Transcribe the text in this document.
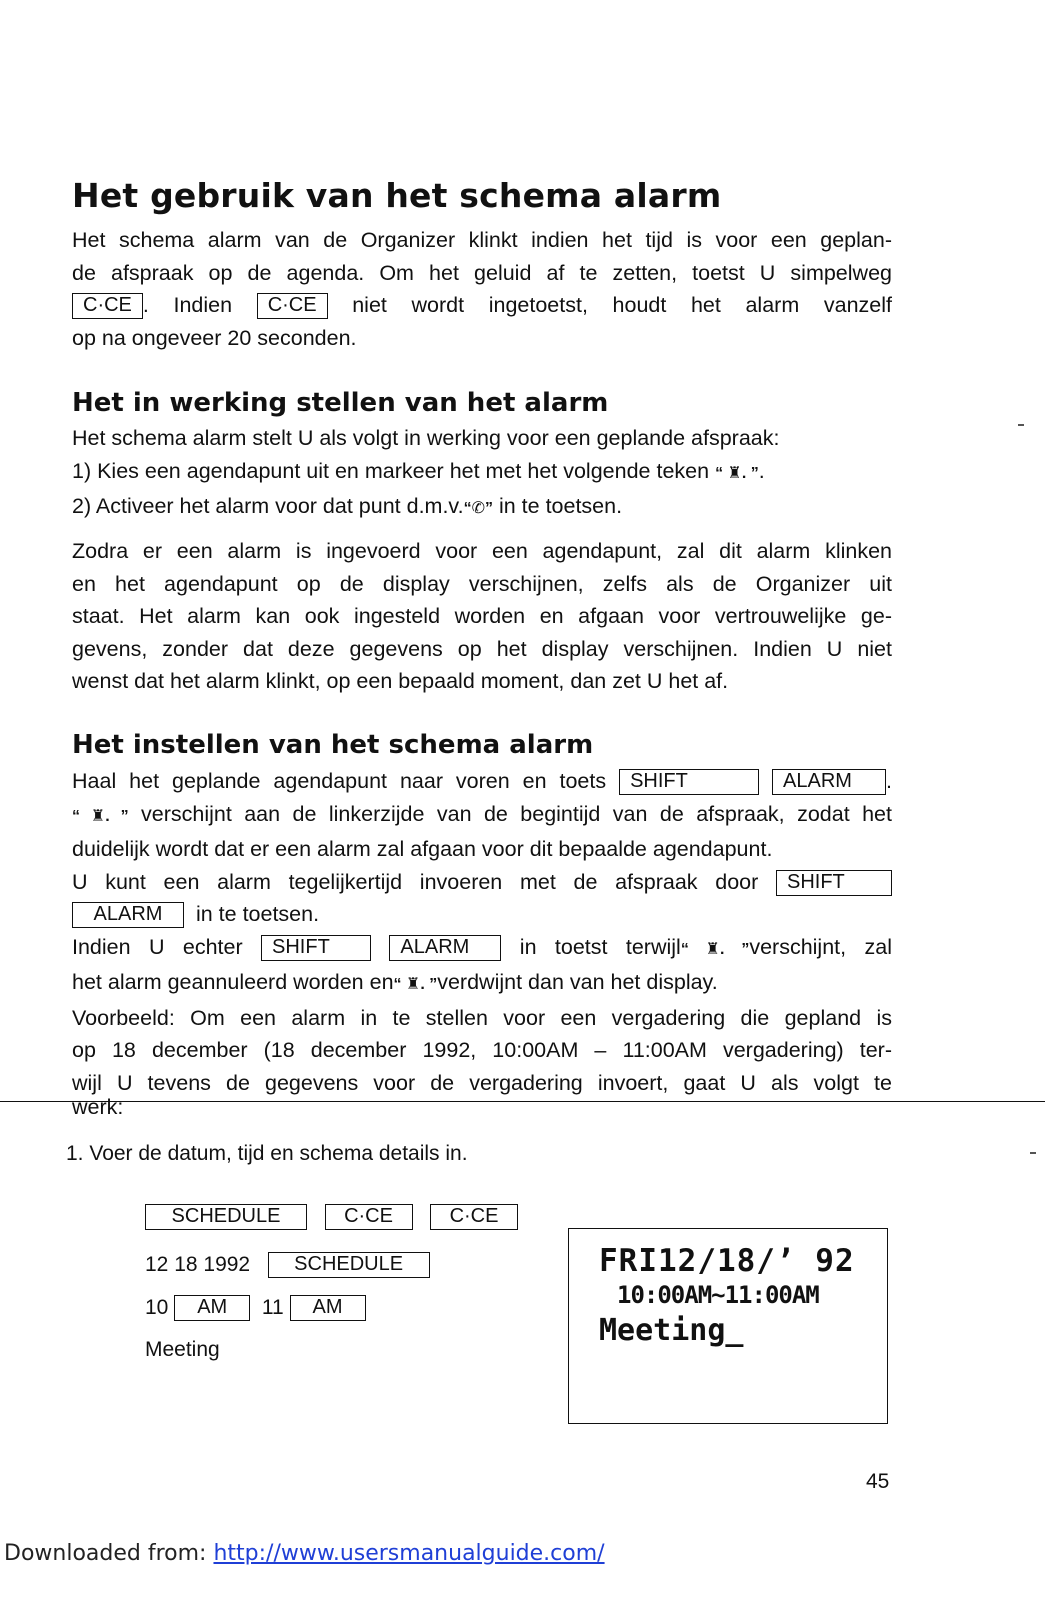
Het gebruik van het schema alarm
Het schema alarm van de Organizer klinkt indien het tijd is voor een geplan-
de afspraak op de agenda. Om het geluid af te zetten, toetst U simpelweg
C·CE . Indien C·CE niet wordt ingetoetst, houdt het alarm vanzelf
op na ongeveer 20 seconden.
Het in werking stellen van het alarm
Het schema alarm stelt U als volgt in werking voor een geplande afspraak:
1) Kies een agendapunt uit en markeer het met het volgende teken “ ♜. ”.
2) Activeer het alarm voor dat punt d.m.v.“✆” in te toetsen.
Zodra er een alarm is ingevoerd voor een agendapunt, zal dit alarm klinken
en het agendapunt op de display verschijnen, zelfs als de Organizer uit
staat. Het alarm kan ook ingesteld worden en afgaan voor vertrouwelijke ge-
gevens, zonder dat deze gegevens op het display verschijnen. Indien U niet
wenst dat het alarm klinkt, op een bepaald moment, dan zet U het af.
Het instellen van het schema alarm
Haal het geplande agendapunt naar voren en toets SHIFT	ALARM .
“ ♜. ” verschijnt aan de linkerzijde van de begintijd van de afspraak, zodat het
duidelijk wordt dat er een alarm zal afgaan voor dit bepaalde agendapunt.
U kunt een alarm tegelijkertijd invoeren met de afspraak door SHIFT
ALARM in te toetsen.
Indien U echter SHIFT	ALARM in toetst terwijl“ ♜. ”verschijnt, zal
het alarm geannuleerd worden en“ ♜. ”verdwijnt dan van het display.
Voorbeeld: Om een alarm in te stellen voor een vergadering die gepland is
op 18 december (18 december 1992, 10:00AM – 11:00AM vergadering) ter-
wijl U tevens de gegevens voor de vergadering invoert, gaat U als volgt te
werk:
1. Voer de datum, tijd en schema details in.
SCHEDULE	C·CE	C·CE
12 18 1992 SCHEDULE
10 AM 11 AM
Meeting
FRI12/18/’ 92
10:00AM~11:00AM
Meeting_
45
Downloaded from: http://www.usersmanualguide.com/
